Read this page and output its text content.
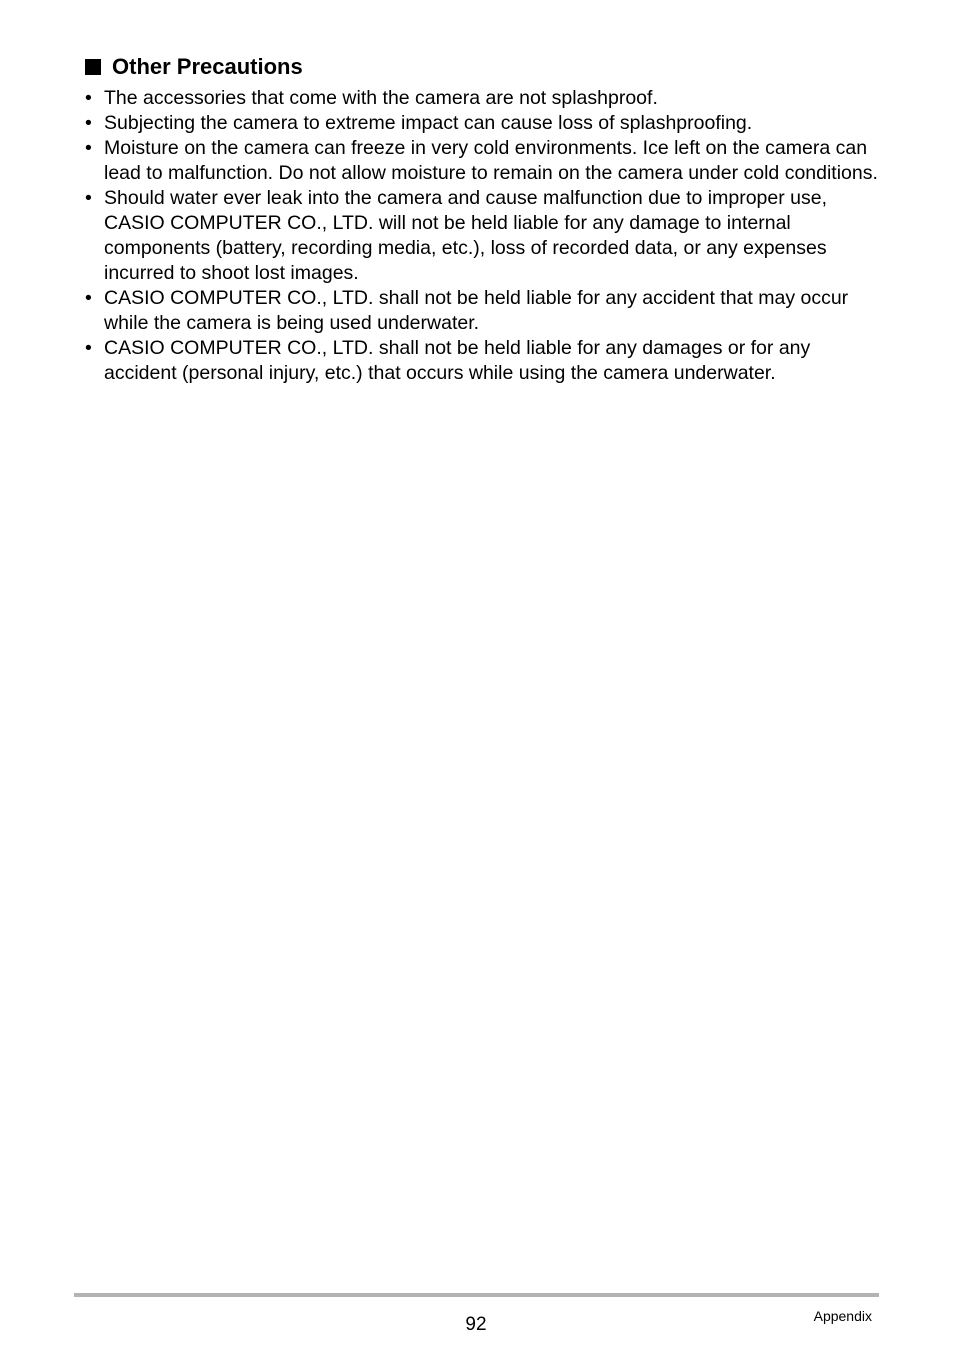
Other Precautions
• The accessories that come with the camera are not splashproof.
• Subjecting the camera to extreme impact can cause loss of splashproofing.
• Moisture on the camera can freeze in very cold environments. Ice left on the camera can lead to malfunction. Do not allow moisture to remain on the camera under cold conditions.
• Should water ever leak into the camera and cause malfunction due to improper use, CASIO COMPUTER CO., LTD. will not be held liable for any damage to internal components (battery, recording media, etc.), loss of recorded data, or any expenses incurred to shoot lost images.
• CASIO COMPUTER CO., LTD. shall not be held liable for any accident that may occur while the camera is being used underwater.
• CASIO COMPUTER CO., LTD. shall not be held liable for any damages or for any accident (personal injury, etc.) that occurs while using the camera underwater.
92	Appendix
